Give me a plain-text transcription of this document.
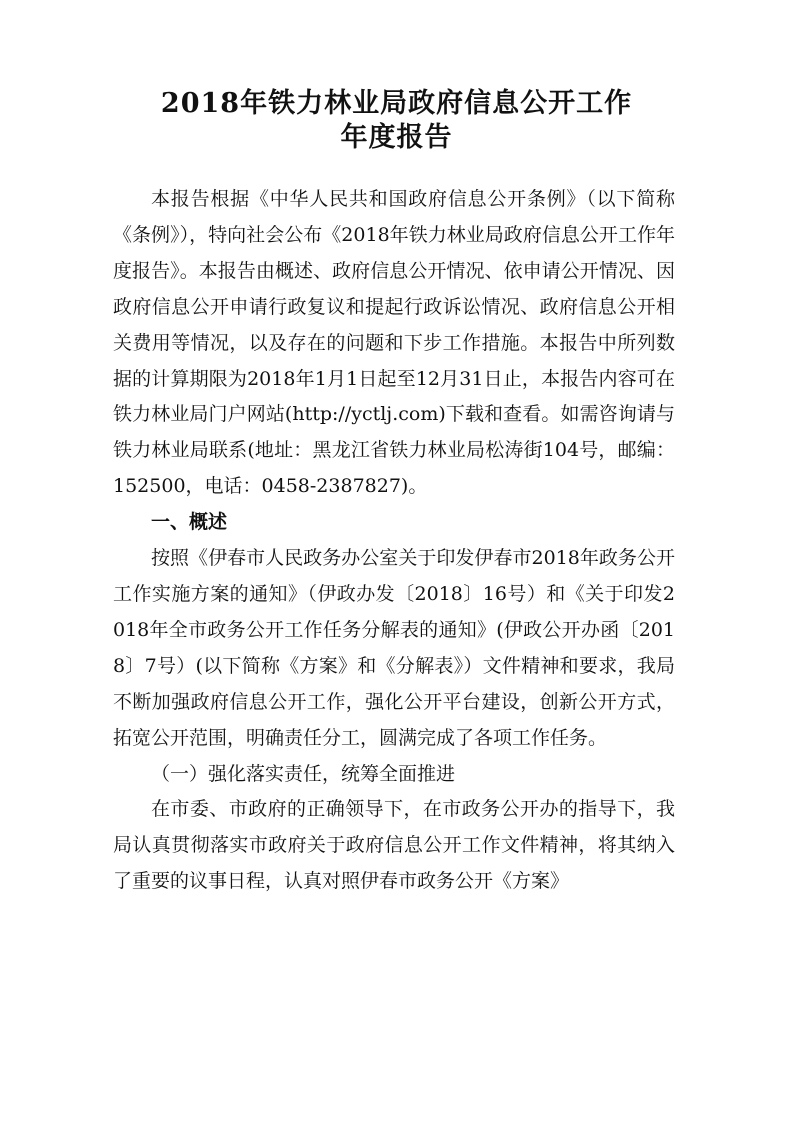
2018年铁力林业局政府信息公开工作
年度报告

本报告根据《中华人民共和国政府信息公开条例》（以下简称《条例》），特向社会公布《2018年铁力林业局政府信息公开工作年度报告》。本报告由概述、政府信息公开情况、依申请公开情况、因政府信息公开申请行政复议和提起行政诉讼情况、政府信息公开相关费用等情况，以及存在的问题和下步工作措施。本报告中所列数据的计算期限为2018年1月1日起至12月31日止，本报告内容可在铁力林业局门户网站(http://yctlj.com)下载和查看。如需咨询请与铁力林业局联系(地址：黑龙江省铁力林业局松涛街104号，邮编：152500，电话：0458-2387827)。

一、概述

按照《伊春市人民政务办公室关于印发伊春市2018年政务公开工作实施方案的通知》（伊政办发〔2018〕16号）和《关于印发2018年全市政务公开工作任务分解表的通知》(伊政公开办函〔2018〕7号）(以下简称《方案》和《分解表》）文件精神和要求，我局不断加强政府信息公开工作，强化公开平台建设，创新公开方式，拓宽公开范围，明确责任分工，圆满完成了各项工作任务。

（一）强化落实责任，统筹全面推进

在市委、市政府的正确领导下，在市政务公开办的指导下，我局认真贯彻落实市政府关于政府信息公开工作文件精神，将其纳入了重要的议事日程，认真对照伊春市政务公开《方案》
